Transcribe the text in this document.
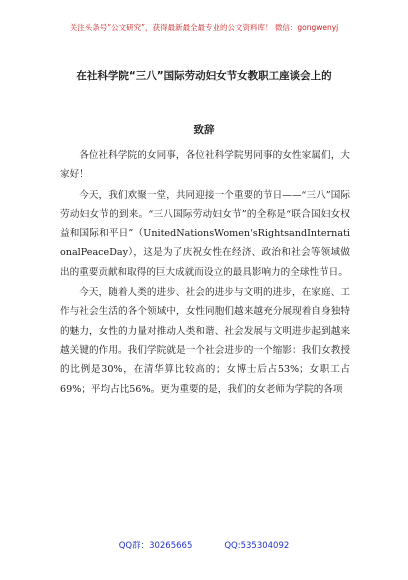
关注头条号“公文研究”，获得最新最全最专业的公文资料库！ 微信：gongwenyj
在社科学院“三八”国际劳动妇女节女教职工座谈会上的
致辞

各位社科学院的女同事，各位社科学院男同事的女性家属们，大家好！

今天，我们欢聚一堂，共同迎接一个重要的节日——“三八”国际劳动妇女节的到来。“三八国际劳动妇女节”的全称是“联合国妇女权益和国际和平日”（UnitedNationsWomen'sRightsandInternationalPeaceDay），这是为了庆祝女性在经济、政治和社会等领域做出的重要贡献和取得的巨大成就而设立的最具影响力的全球性节日。

今天，随着人类的进步、社会的进步与文明的进步，在家庭、工作与社会生活的各个领域中，女性同胞们越来越充分展现着自身独特的魅力，女性的力量对推动人类和谐、社会发展与文明进步起到越来越关键的作用。我们学院就是一个社会进步的一个缩影：我们女教授的比例是30%，在清华算比较高的；女博士后占53%；女职工占69%；平均占比56%。更为重要的是，我们的女老师为学院的各项

QQ群：30265665	QQ:535304092
